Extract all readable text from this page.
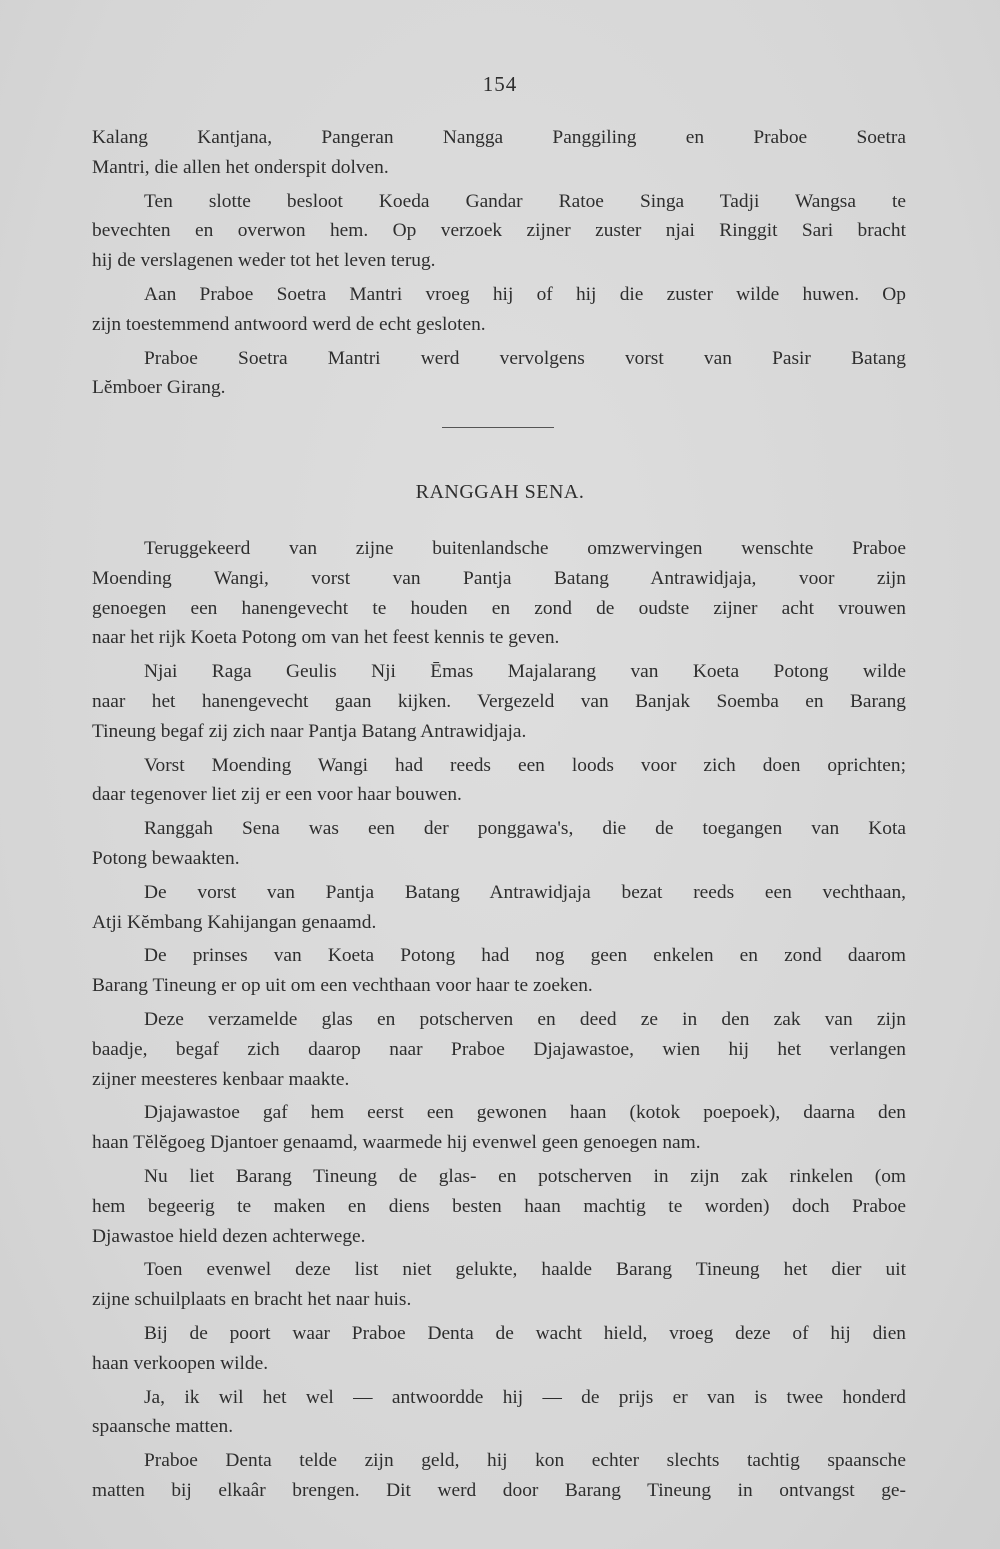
154

Kalang Kantjana, Pangeran Nangga Panggiling en Praboe Soetra

Mantri, die allen het onderspit dolven.

Ten slotte besloot Koeda Gandar Ratoe Singa Tadji Wangsa te

bevechten en overwon hem. Op verzoek zijner zuster njai Ringgit Sari bracht

hij de verslagenen weder tot het leven terug.

Aan Praboe Soetra Mantri vroeg hij of hij die zuster wilde huwen. Op

zijn toestemmend antwoord werd de echt gesloten.

Praboe Soetra Mantri werd vervolgens vorst van Pasir Batang

Lĕmboer Girang.

RANGGAH SENA.

Teruggekeerd van zijne buitenlandsche omzwervingen wenschte Praboe

Moending Wangi, vorst van Pantja Batang Antrawidjaja, voor zijn

genoegen een hanengevecht te houden en zond de oudste zijner acht vrouwen

naar het rijk Koeta Potong om van het feest kennis te geven.

Njai Raga Geulis Nji Ēmas Majalarang van Koeta Potong wilde

naar het hanengevecht gaan kijken. Vergezeld van Banjak Soemba en Barang

Tineung begaf zij zich naar Pantja Batang Antrawidjaja.

Vorst Moending Wangi had reeds een loods voor zich doen oprichten;

daar tegenover liet zij er een voor haar bouwen.

Ranggah Sena was een der ponggawa's, die de toegangen van Kota

Potong bewaakten.

De vorst van Pantja Batang Antrawidjaja bezat reeds een vechthaan,

Atji Kĕmbang Kahijangan genaamd.

De prinses van Koeta Potong had nog geen enkelen en zond daarom

Barang Tineung er op uit om een vechthaan voor haar te zoeken.

Deze verzamelde glas en potscherven en deed ze in den zak van zijn

baadje, begaf zich daarop naar Praboe Djajawastoe, wien hij het verlangen

zijner meesteres kenbaar maakte.

Djajawastoe gaf hem eerst een gewonen haan (kotok poepoek), daarna den

haan Tĕlĕgoeg Djantoer genaamd, waarmede hij evenwel geen genoegen nam.

Nu liet Barang Tineung de glas- en potscherven in zijn zak rinkelen (om

hem begeerig te maken en diens besten haan machtig te worden) doch Praboe

Djawastoe hield dezen achterwege.

Toen evenwel deze list niet gelukte, haalde Barang Tineung het dier uit

zijne schuilplaats en bracht het naar huis.

Bij de poort waar Praboe Denta de wacht hield, vroeg deze of hij dien

haan verkoopen wilde.

Ja, ik wil het wel — antwoordde hij — de prijs er van is twee honderd

spaansche matten.

Praboe Denta telde zijn geld, hij kon echter slechts tachtig spaansche

matten bij elkaâr brengen. Dit werd door Barang Tineung in ontvangst ge-
